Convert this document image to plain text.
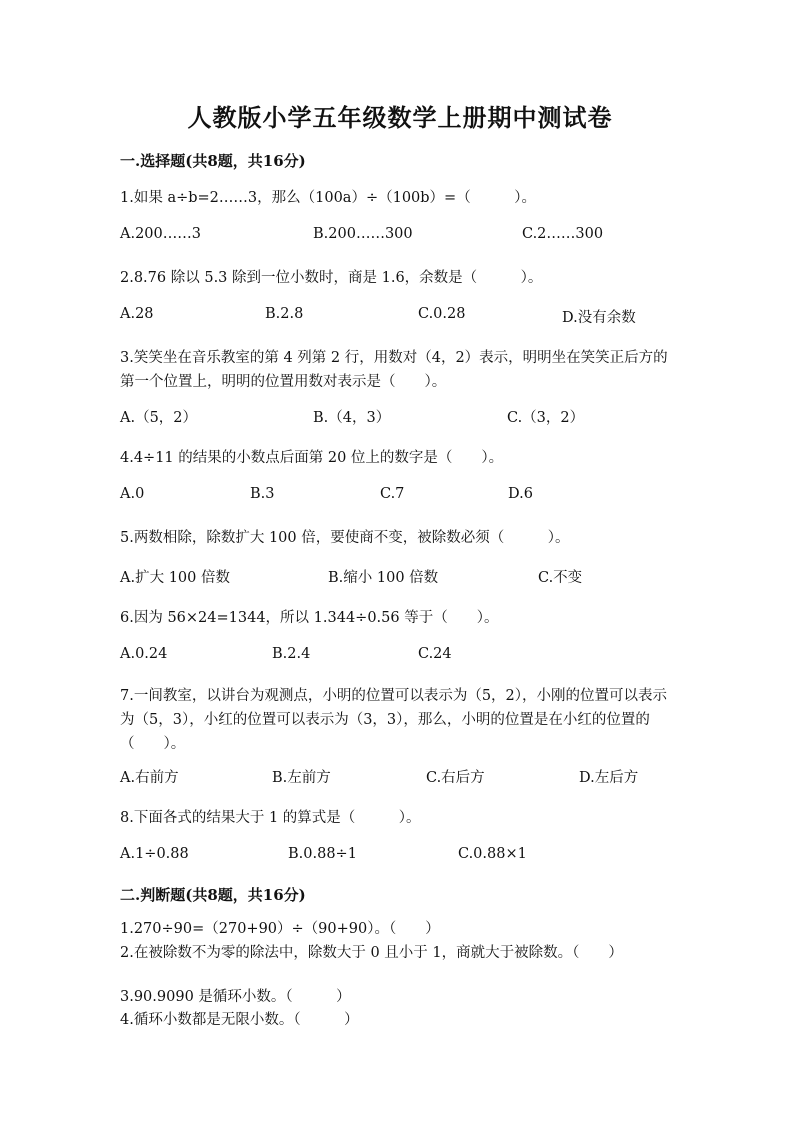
人教版小学五年级数学上册期中测试卷
一.选择题(共8题，共16分)
1.如果 a÷b=2……3，那么（100a）÷（100b）=（　　　）。
A.200……3	B.200……300	C.2……300
2.8.76 除以 5.3 除到一位小数时，商是 1.6，余数是（　　　）。
A.28	B.2.8	C.0.28	D.没有余数
3.笑笑坐在音乐教室的第 4 列第 2 行，用数对（4，2）表示，明明坐在笑笑正后方的第一个位置上，明明的位置用数对表示是（　　）。
A.（5，2）	B.（4，3）	C.（3，2）
4.4÷11 的结果的小数点后面第 20 位上的数字是（　　）。
A.0	B.3	C.7	D.6
5.两数相除，除数扩大 100 倍，要使商不变，被除数必须（　　　）。
A.扩大 100 倍数	B.缩小 100 倍数	C.不变
6.因为 56×24=1344，所以 1.344÷0.56 等于（　　）。
A.0.24	B.2.4	C.24
7.一间教室，以讲台为观测点，小明的位置可以表示为（5，2），小刚的位置可以表示为（5，3），小红的位置可以表示为（3，3），那么，小明的位置是在小红的位置的（　　）。
A.右前方	B.左前方	C.右后方	D.左后方
8.下面各式的结果大于 1 的算式是（　　　）。
A.1÷0.88	B.0.88÷1	C.0.88×1
二.判断题(共8题，共16分)
1.270÷90=（270+90）÷（90+90）。（　　）
2.在被除数不为零的除法中，除数大于 0 且小于 1，商就大于被除数。（　　）
3.90.9090 是循环小数。（　　　）
4.循环小数都是无限小数。（　　　）
